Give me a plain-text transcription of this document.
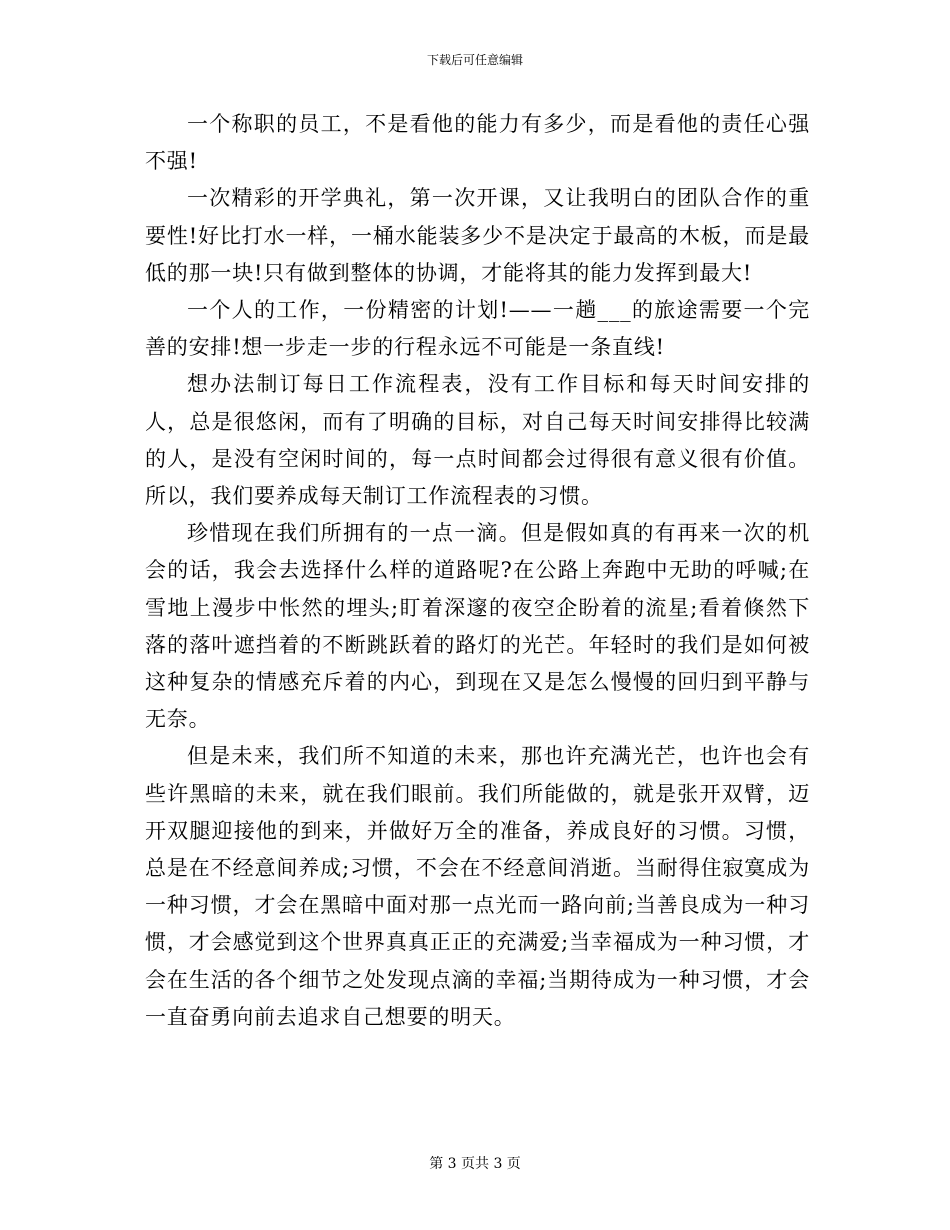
下载后可任意编辑

一个称职的员工，不是看他的能力有多少，而是看他的责任心强不强!

一次精彩的开学典礼，第一次开课，又让我明白的团队合作的重要性!好比打水一样，一桶水能装多少不是决定于最高的木板，而是最低的那一块!只有做到整体的协调，才能将其的能力发挥到最大!

一个人的工作，一份精密的计划!——一趟___的旅途需要一个完善的安排!想一步走一步的行程永远不可能是一条直线!

想办法制订每日工作流程表，没有工作目标和每天时间安排的人，总是很悠闲，而有了明确的目标，对自己每天时间安排得比较满的人，是没有空闲时间的，每一点时间都会过得很有意义很有价值。所以，我们要养成每天制订工作流程表的习惯。

珍惜现在我们所拥有的一点一滴。但是假如真的有再来一次的机会的话，我会去选择什么样的道路呢?在公路上奔跑中无助的呼喊;在雪地上漫步中怅然的埋头;盯着深邃的夜空企盼着的流星;看着倏然下落的落叶遮挡着的不断跳跃着的路灯的光芒。年轻时的我们是如何被这种复杂的情感充斥着的内心，到现在又是怎么慢慢的回归到平静与无奈。

但是未来，我们所不知道的未来，那也许充满光芒，也许也会有些许黑暗的未来，就在我们眼前。我们所能做的，就是张开双臂，迈开双腿迎接他的到来，并做好万全的准备，养成良好的习惯。习惯，总是在不经意间养成;习惯，不会在不经意间消逝。当耐得住寂寞成为一种习惯，才会在黑暗中面对那一点光而一路向前;当善良成为一种习惯，才会感觉到这个世界真真正正的充满爱;当幸福成为一种习惯，才会在生活的各个细节之处发现点滴的幸福;当期待成为一种习惯，才会一直奋勇向前去追求自己想要的明天。

第 3 页共 3 页
